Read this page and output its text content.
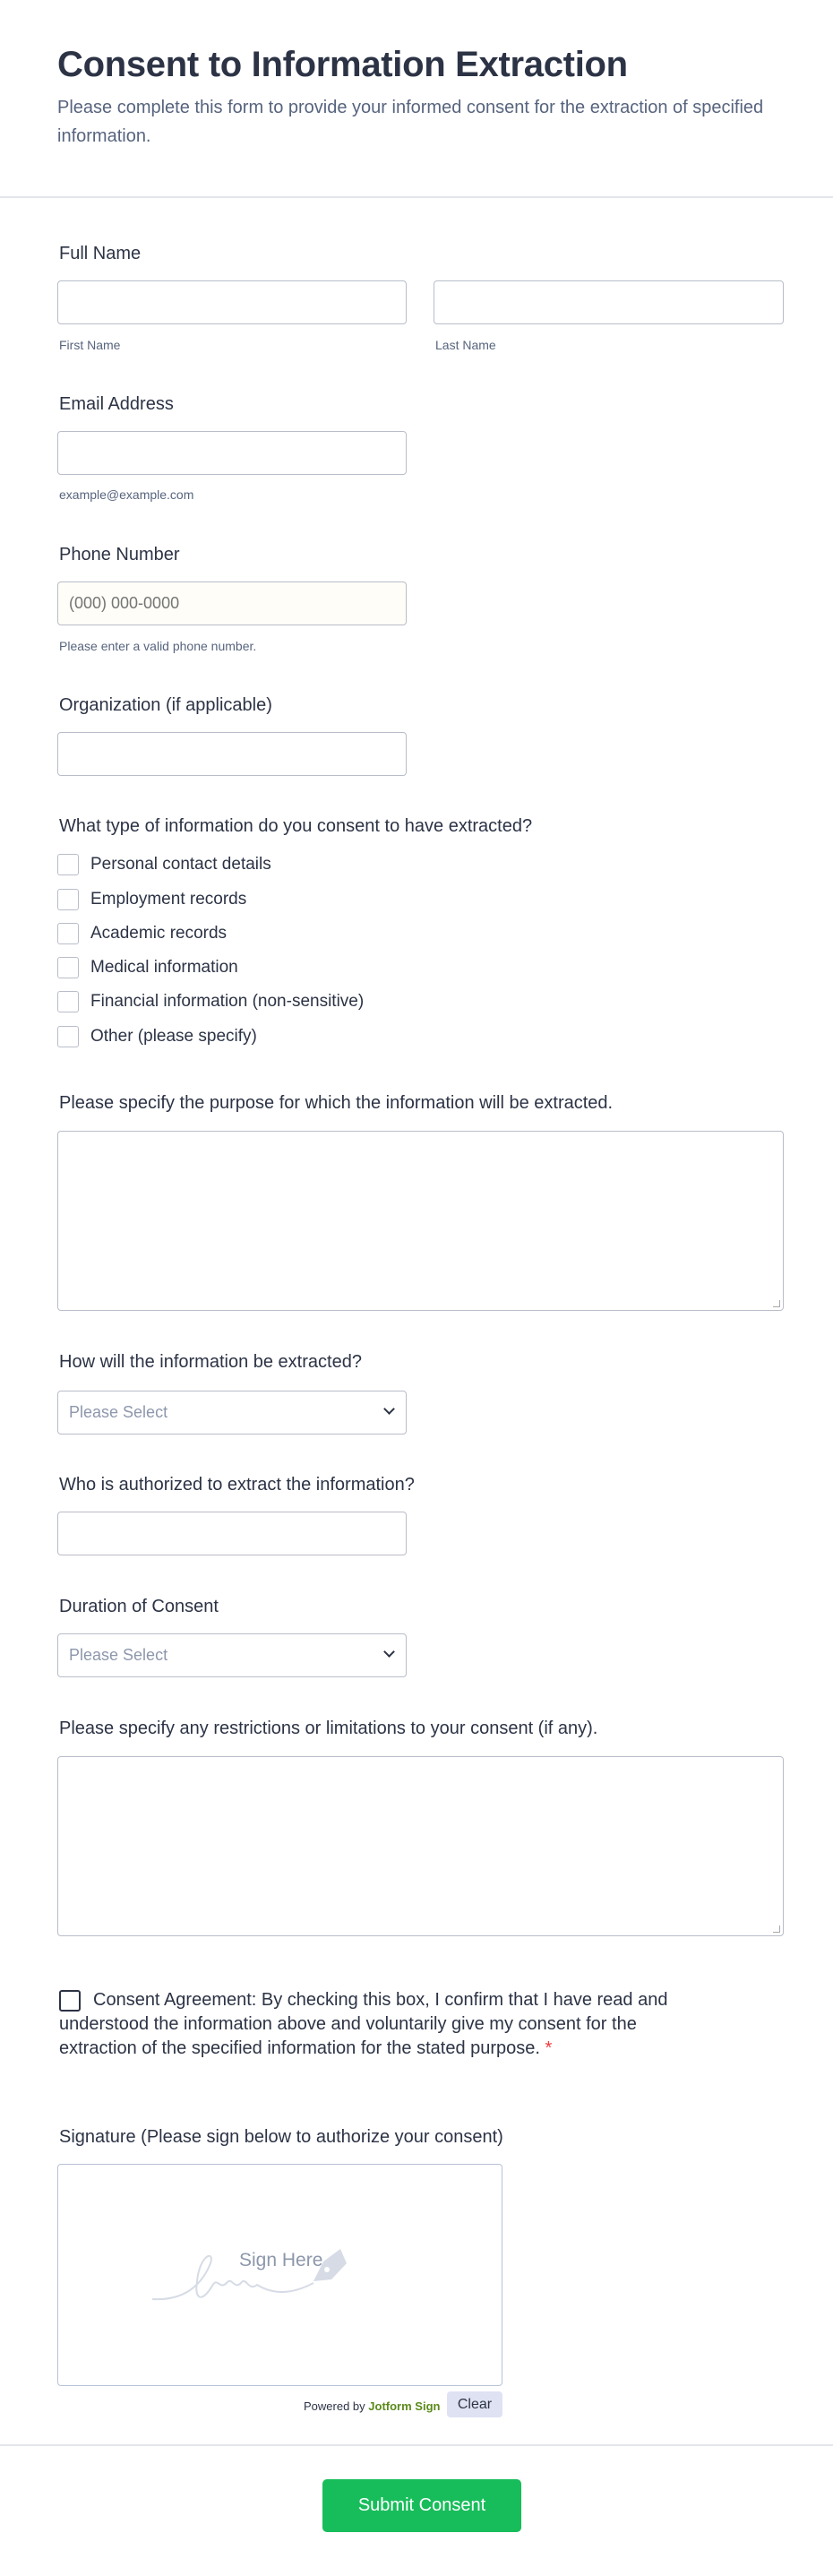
Consent to Information Extraction

Please complete this form to provide your informed consent for the extraction of specified information.

Full Name
First Name	Last Name
Email Address
example@example.com
Phone Number
(000) 000-0000
Please enter a valid phone number.
Organization (if applicable)
What type of information do you consent to have extracted?
Personal contact details
Employment records
Academic records
Medical information
Financial information (non-sensitive)
Other (please specify)
Please specify the purpose for which the information will be extracted.
How will the information be extracted?
Please Select
Who is authorized to extract the information?
Duration of Consent
Please Select
Please specify any restrictions or limitations to your consent (if any).
Consent Agreement: By checking this box, I confirm that I have read and understood the information above and voluntarily give my consent for the extraction of the specified information for the stated purpose. *
Signature (Please sign below to authorize your consent)
Sign Here
Powered by Jotform Sign	Clear
Submit Consent
